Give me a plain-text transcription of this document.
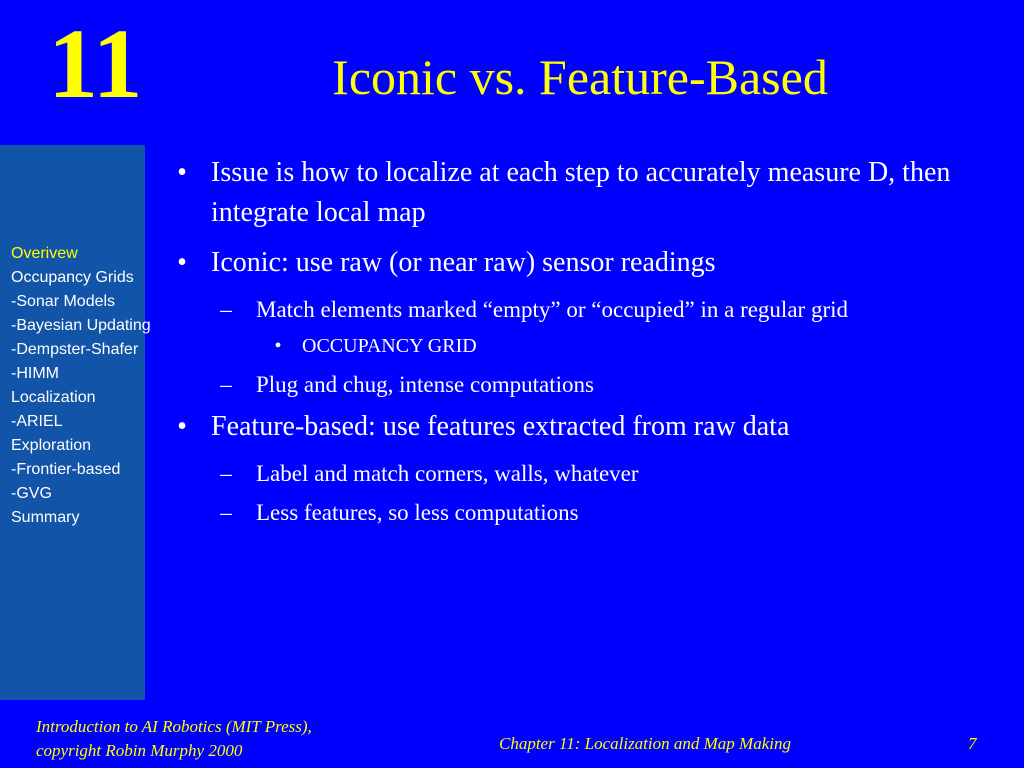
11	Iconic vs. Feature-Based
Overivew
Occupancy Grids
-Sonar Models
-Bayesian Updating
-Dempster-Shafer
-HIMM
Localization
-ARIEL
Exploration
-Frontier-based
-GVG
Summary
• Issue is how to localize at each step to accurately measure D, then integrate local map
• Iconic: use raw (or near raw) sensor readings
– Match elements marked “empty” or “occupied” in a regular grid
•	OCCUPANCY GRID
– Plug and chug, intense computations
• Feature-based: use features extracted from raw data
– Label and match corners, walls, whatever
– Less features, so less computations
Introduction to AI Robotics (MIT Press),
copyright Robin Murphy 2000	Chapter 11: Localization and Map Making	7
